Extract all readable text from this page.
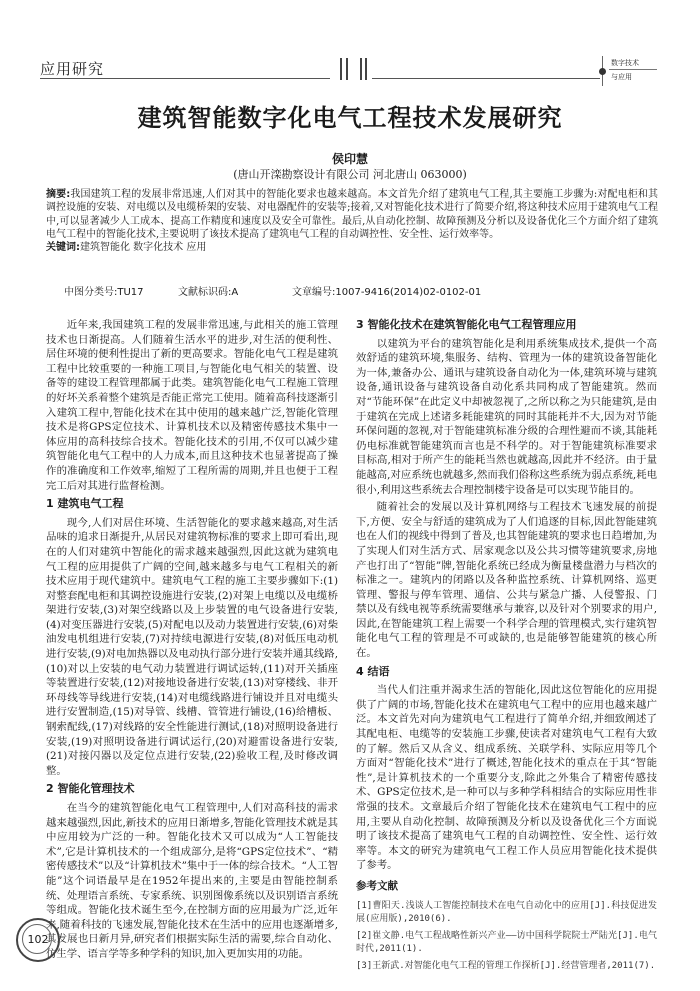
应用研究	数字技术
与应用
建筑智能数字化电气工程技术发展研究
侯印慧
(唐山开滦勘察设计有限公司 河北唐山 063000)
摘要:我国建筑工程的发展非常迅速,人们对其中的智能化要求也越来越高。本文首先介绍了建筑电气工程,其主要施工步骤为:对配电柜和其调控设施的安装、对电缆以及电缆桥架的安装、对电器配件的安装等;接着,又对智能化技术进行了简要介绍,将这种技术应用于建筑电气工程中,可以显著减少人工成本、提高工作精度和速度以及安全可靠性。最后,从自动化控制、故障预测及分析以及设备优化三个方面介绍了建筑电气工程中的智能化技术,主要说明了该技术提高了建筑电气工程的自动调控性、安全性、运行效率等。
关键词:建筑智能化 数字化技术 应用
中图分类号:TU17	文献标识码:A	文章编号:1007-9416(2014)02-0102-01

近年来,我国建筑工程的发展非常迅速,与此相关的施工管理技术也日渐提高。人们随着生活水平的进步,对生活的便利性、居住环境的便利性提出了新的更高要求。智能化电气工程是建筑工程中比较重要的一种施工项目,与智能化电气相关的装置、设备等的建设工程管理都属于此类。建筑智能化电气工程施工管理的好坏关系着整个建筑是否能正常完工使用。随着高科技逐渐引入建筑工程中,智能化技术在其中使用的越来越广泛,智能化管理技术是将GPS定位技术、计算机技术以及精密传感技术集中一体应用的高科技综合技术。智能化技术的引用,不仅可以减少建筑智能化电气工程中的人力成本,而且这种技术也显著提高了操作的准确度和工作效率,缩短了工程所需的周期,并且也便于工程完工后对其进行监督检测。

1 建筑电气工程

现今,人们对居住环境、生活智能化的要求越来越高,对生活品味的追求日渐提升,从居民对建筑物标准的要求上即可看出,现在的人们对建筑中智能化的需求越来越强烈,因此这就为建筑电气工程的应用提供了广阔的空间,越来越多与电气工程相关的新技术应用于现代建筑中。建筑电气工程的施工主要步骤如下:(1)对整套配电柜和其调控设施进行安装,(2)对架上电缆以及电缆桥架进行安装,(3)对架空线路以及上步装置的电气设备进行安装,(4)对变压器进行安装,(5)对配电以及动力装置进行安装,(6)对柴油发电机组进行安装,(7)对持续电源进行安装,(8)对低压电动机进行安装,(9)对电加热器以及电动执行部分进行安装并通其线路,(10)对以上安装的电气动力装置进行调试运转,(11)对开关插座等装置进行安装,(12)对接地设备进行安装,(13)对穿楼线、非开环母线等导线进行安装,(14)对电缆线路进行铺设并且对电缆头进行安置制造,(15)对导管、线槽、管管进行铺设,(16)给槽板、钢索配线,(17)对线路的安全性能进行测试,(18)对照明设备进行安装,(19)对照明设备进行调试运行,(20)对避雷设备进行安装,(21)对接闪器以及定位点进行安装,(22)验收工程,及时修改调整。

2 智能化管理技术

在当今的建筑智能化电气工程管理中,人们对高科技的需求越来越强烈,因此,新技术的应用日渐增多,智能化管理技术就是其中应用较为广泛的一种。智能化技术又可以成为“人工智能技术”,它是计算机技术的一个组成部分,是将“GPS定位技术”、“精密传感技术”以及“计算机技术”集中于一体的综合技术。“人工智能”这个词语最早是在1952年提出来的,主要是由智能控制系统、处理语言系统、专家系统、识别图像系统以及识别语言系统等组成。智能化技术诞生至今,在控制方面的应用最为广泛,近年来,随着科技的飞速发展,智能化技术在生活中的应用也逐渐增多,其发展也日新月异,研究者们根据实际生活的需要,综合自动化、仿生学、语言学等多种学科的知识,加入更加实用的功能。

3 智能化技术在建筑智能化电气工程管理应用

以建筑为平台的建筑智能化是利用系统集成技术,提供一个高效舒适的建筑环境,集服务、结构、管理为一体的建筑设备智能化为一体,兼备办公、通讯与建筑设备自动化为一体,建筑环境与建筑设备,通讯设备与建筑设备自动化系共同构成了智能建筑。然而对“节能环保”在此定义中却被忽视了,之所以称之为只能建筑,是由于建筑在完成上述诸多耗能建筑的同时其能耗并不大,因为对节能环保问题的忽视,对于智能建筑标准分级的合理性避而不谈,其能耗仍电标准就智能建筑而言也是不科学的。对于智能建筑标准要求目标高,相对于所产生的能耗当然也就越高,因此并不经济。由于量能越高,对应系统也就越多,然而我们俗称这些系统为弱点系统,耗电很小,利用这些系统去合理控制楼宇设备是可以实现节能目的。

随着社会的发展以及计算机网络与工程技术飞速发展的前提下,方便、安全与舒适的建筑成为了人们追逐的目标,因此智能建筑也在人们的视线中得到了普及,也其智能建筑的要求也日趋增加,为了实现人们对生活方式、居家观念以及公共习惯等建筑要求,房地产也打出了“智能”牌,智能化系统已经成为衡量楼盘潜力与档次的标准之一。建筑内的闭路以及各种监控系统、计算机网络、巡更管理、警报与停车管理、通信、公共与紧急广播、人侵警报、门禁以及有线电视等系统需要继承与兼容,以及针对个别要求的用户,因此,在智能建筑工程上需要一个科学合理的管理模式,实行建筑智能化电气工程的管理是不可或缺的,也是能够智能建筑的核心所在。

4 结语

当代人们注重并渴求生活的智能化,因此这位智能化的应用提供了广阔的市场,智能化技术在建筑电气工程中的应用也越来越广泛。本文首先对向为建筑电气工程进行了简单介绍,并细致阐述了其配电柜、电缆等的安装施工步骤,使读者对建筑电气工程有大致的了解。然后又从含义、组成系统、关联学科、实际应用等几个方面对“智能化技术”进行了概述,智能化技术的重点在于其“智能性”,是计算机技术的一个重要分支,除此之外集合了精密传感技术、GPS定位技术,是一种可以与多种学科相结合的实际应用性非常强的技术。文章最后介绍了智能化技术在建筑电气工程中的应用,主要从自动化控制、故障预测及分析以及设备优化三个方面说明了该技术提高了建筑电气工程的自动调控性、安全性、运行效率等。本文的研究为建筑电气工程工作人员应用智能化技术提供了参考。

参考文献
[1]曹阳天.浅谈人工智能控制技术在电气自动化中的应用[J].科技促进发展(应用版),2010(6).
[2]崔文静.电气工程战略性新兴产业——访中国科学院院士严陆光[J].电气时代,2011(1).
[3]王新武.对智能化电气工程的管理工作探析[J].经营管理者,2011(7).
102
